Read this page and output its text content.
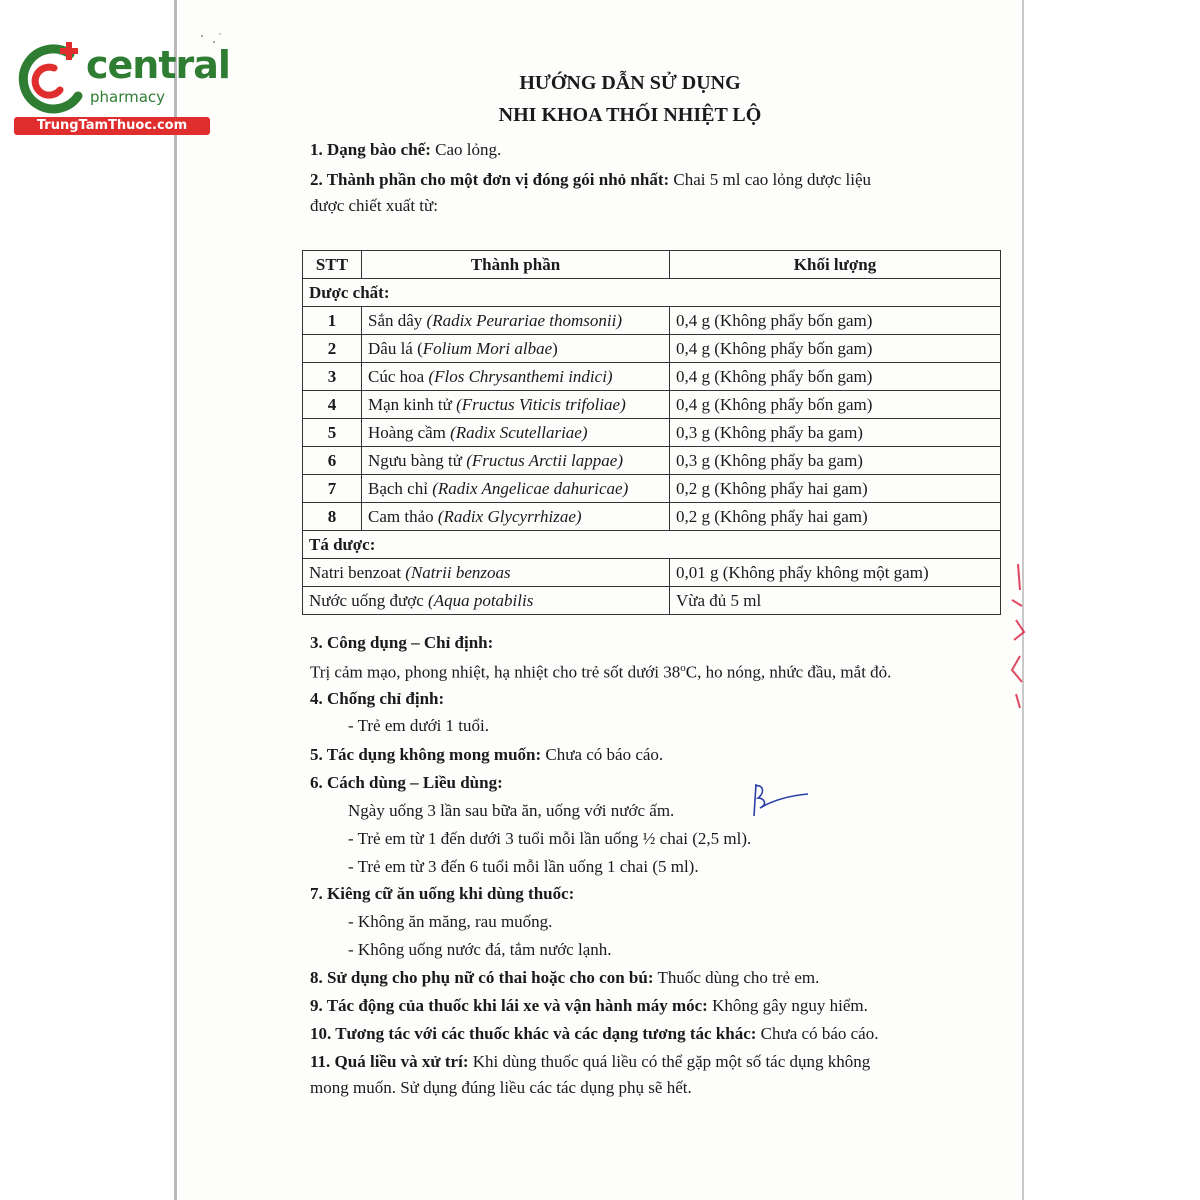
central
pharmacy
TrungTamThuoc.com
HƯỚNG DẪN SỬ DỤNG
NHI KHOA THỐI NHIỆT LỘ
1. Dạng bào chế: Cao lỏng.
2. Thành phần cho một đơn vị đóng gói nhỏ nhất: Chai 5 ml cao lỏng dược liệu
được chiết xuất từ:
STT	Thành phần	Khối lượng
Dược chất:		
1	Sắn dây (Radix Peurariae thomsonii)	0,4 g (Không phẩy bốn gam)
2	Dâu lá (Folium Mori albae)	0,4 g (Không phẩy bốn gam)
3	Cúc hoa (Flos Chrysanthemi indici)	0,4 g (Không phẩy bốn gam)
4	Mạn kinh tử (Fructus Viticis trifoliae)	0,4 g (Không phẩy bốn gam)
5	Hoàng cầm (Radix Scutellariae)	0,3 g (Không phẩy ba gam)
6	Ngưu bàng tử (Fructus Arctii lappae)	0,3 g (Không phẩy ba gam)
7	Bạch chỉ (Radix Angelicae dahuricae)	0,2 g (Không phẩy hai gam)
8	Cam thảo (Radix Glycyrrhizae)	0,2 g (Không phẩy hai gam)
Tá dược:		
Natri benzoat (Natrii benzoas		0,01 g (Không phẩy không một gam)
Nước uống được (Aqua potabilis		Vừa đủ 5 ml
3. Công dụng – Chỉ định:
Trị cảm mạo, phong nhiệt, hạ nhiệt cho trẻ sốt dưới 38$^o$C, ho nóng, nhức đầu, mắt đỏ.
4. Chống chỉ định:
- Trẻ em dưới 1 tuổi.
5. Tác dụng không mong muốn: Chưa có báo cáo.
6. Cách dùng – Liều dùng:
Ngày uống 3 lần sau bữa ăn, uống với nước ấm.
- Trẻ em từ 1 đến dưới 3 tuổi mỗi lần uống ½ chai (2,5 ml).
- Trẻ em từ 3 đến 6 tuổi mỗi lần uống 1 chai (5 ml).
7. Kiêng cữ ăn uống khi dùng thuốc:
- Không ăn măng, rau muống.
- Không uống nước đá, tắm nước lạnh.
8. Sử dụng cho phụ nữ có thai hoặc cho con bú: Thuốc dùng cho trẻ em.
9. Tác động của thuốc khi lái xe và vận hành máy móc: Không gây nguy hiểm.
10. Tương tác với các thuốc khác và các dạng tương tác khác: Chưa có báo cáo.
11. Quá liều và xử trí: Khi dùng thuốc quá liều có thể gặp một số tác dụng không
mong muốn. Sử dụng đúng liều các tác dụng phụ sẽ hết.
